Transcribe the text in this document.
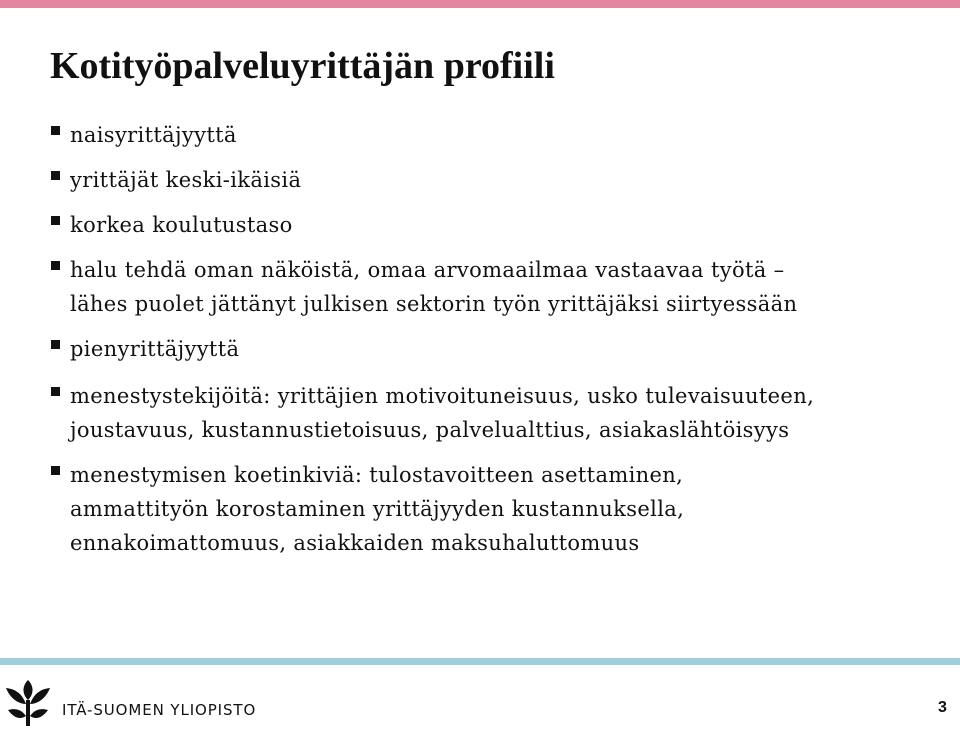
Kotityöpalveluyrittäjän profiili
naisyrittäjyyttä
yrittäjät keski-ikäisiä
korkea koulutustaso
halu tehdä oman näköistä, omaa arvomaailmaa vastaavaa työtä –
lähes puolet jättänyt julkisen sektorin työn yrittäjäksi siirtyessään
pienyrittäjyyttä
menestystekijöitä: yrittäjien motivoituneisuus, usko tulevaisuuteen,
joustavuus, kustannustietoisuus, palvelualttius, asiakaslähtöisyys
menestymisen koetinkiviä: tulostavoitteen asettaminen,
ammattityön korostaminen yrittäjyyden kustannuksella,
ennakoimattomuus, asiakkaiden maksuhaluttomuus
ITÄ-SUOMEN YLIOPISTO	3
